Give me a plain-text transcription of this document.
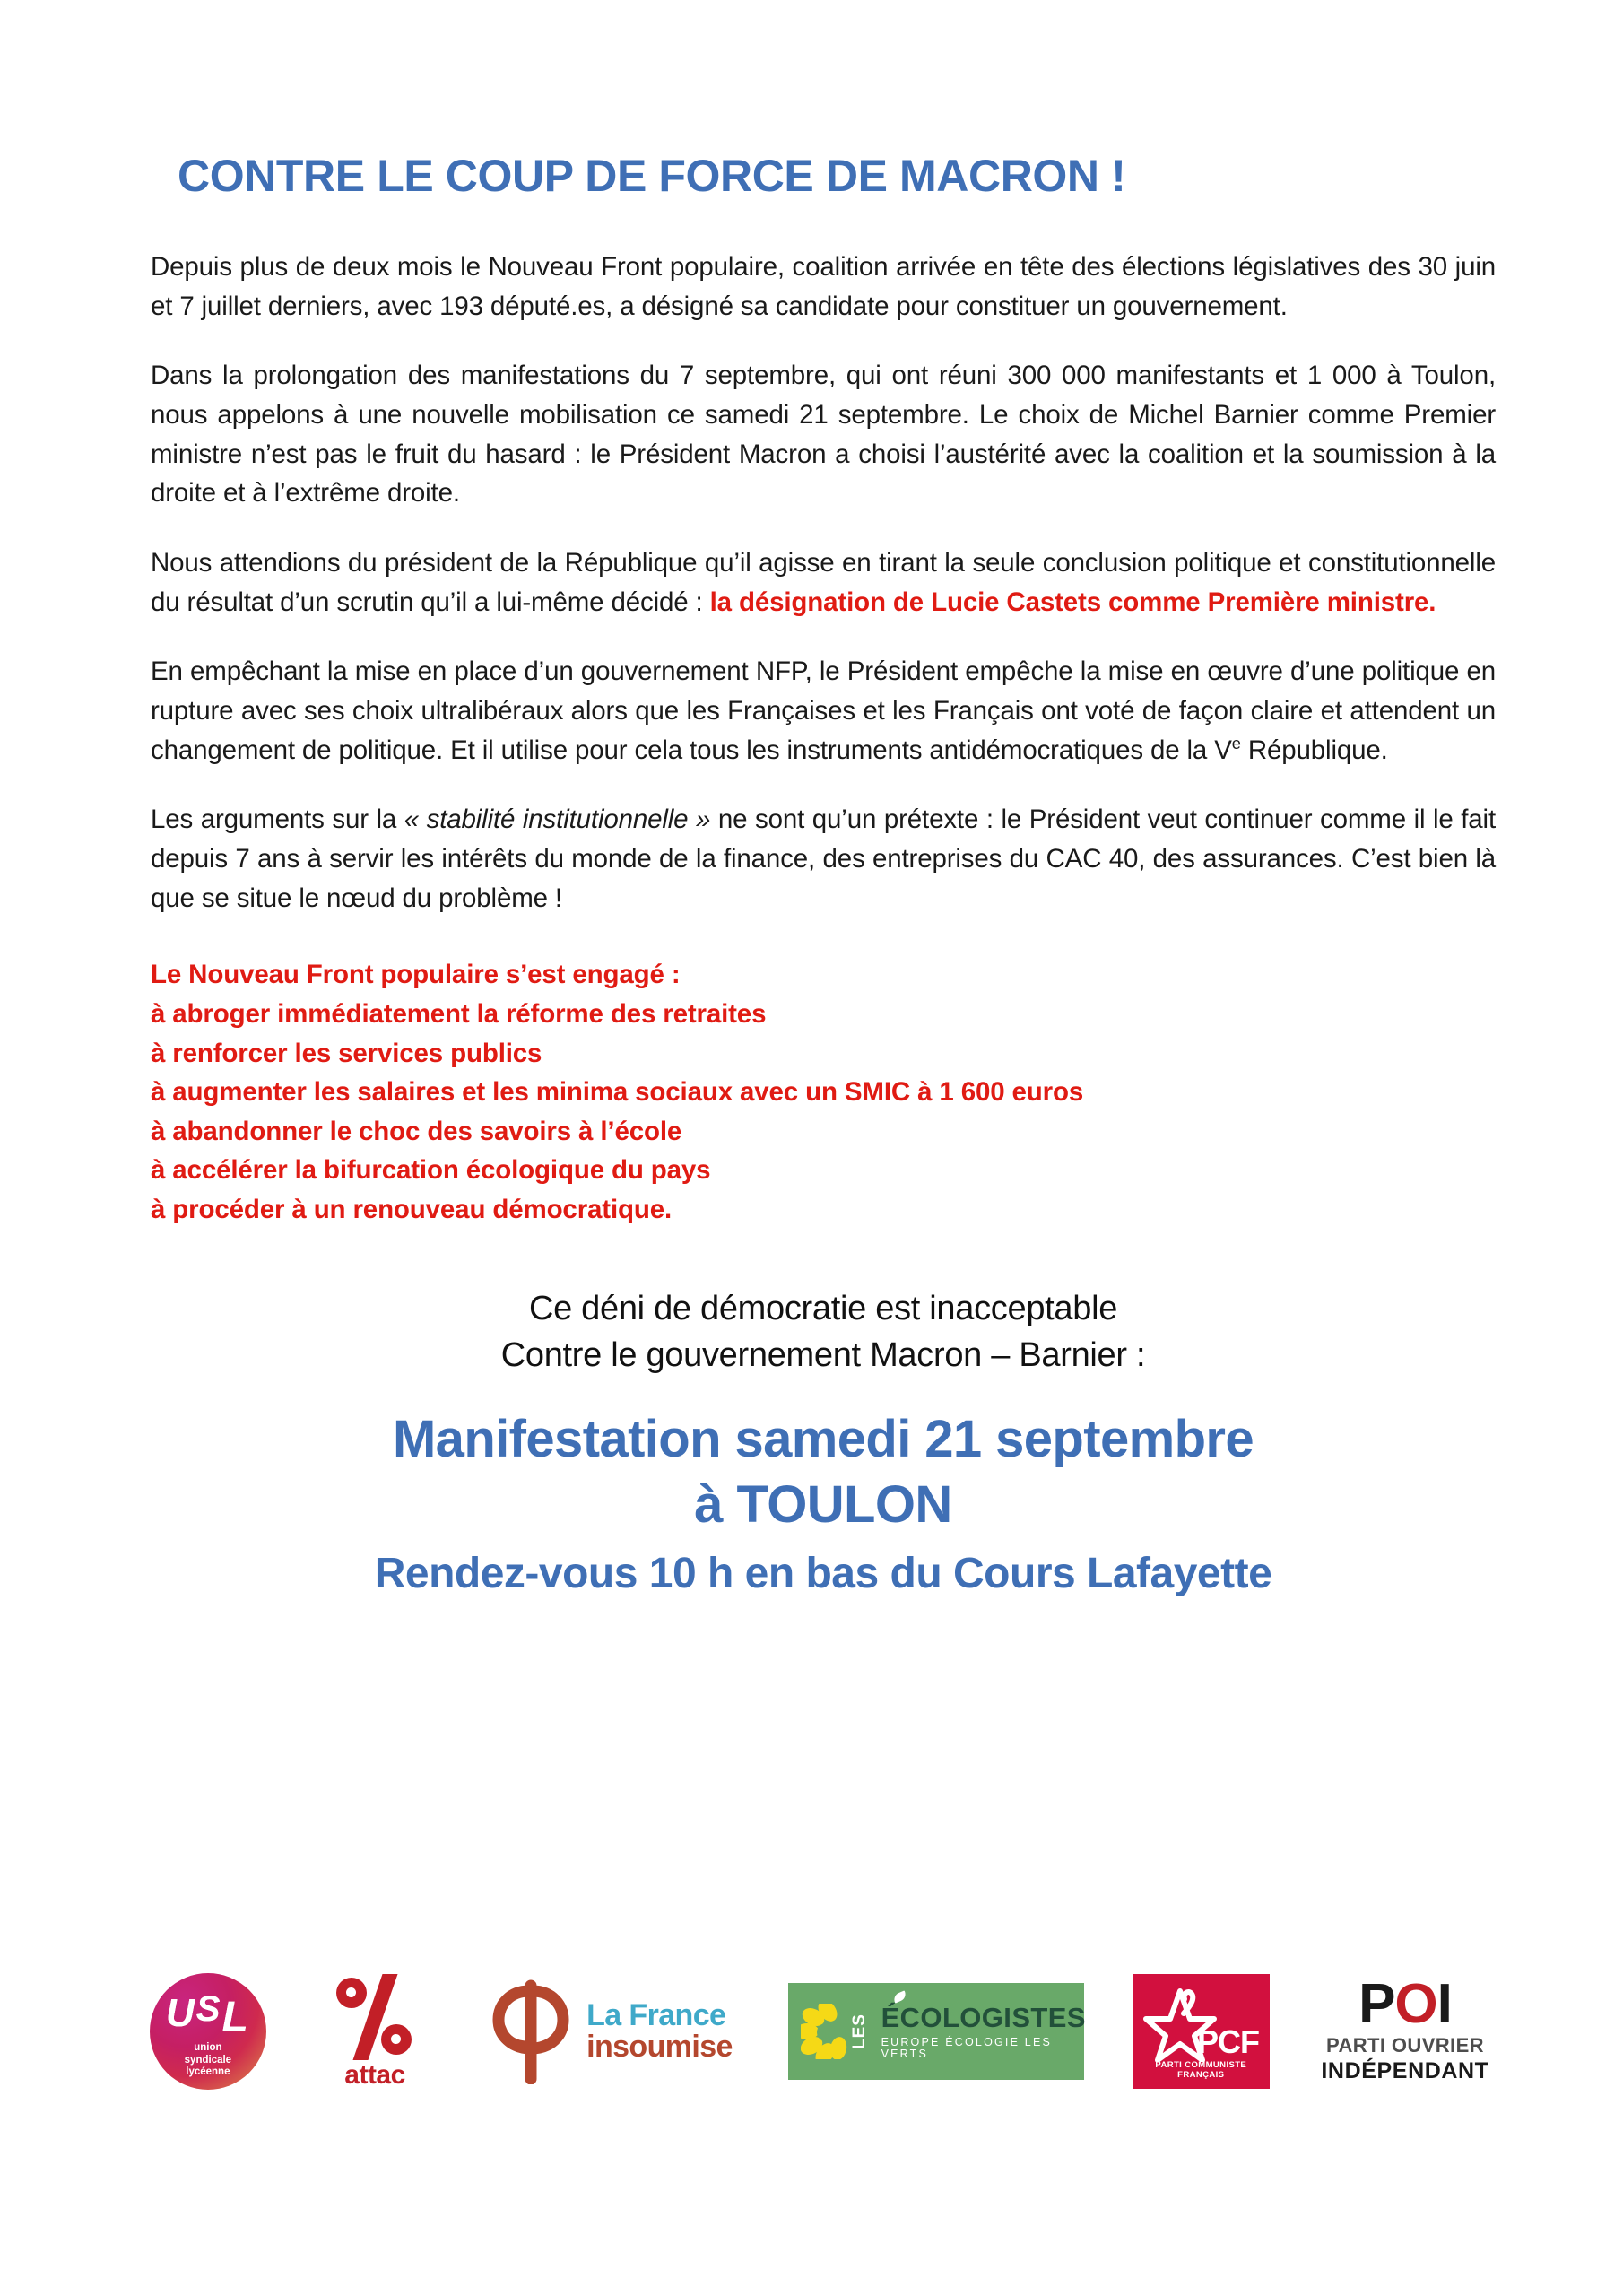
CONTRE LE COUP DE FORCE DE MACRON !

Depuis plus de deux mois le Nouveau Front populaire, coalition arrivée en tête des élections législatives des 30 juin et 7 juillet derniers, avec 193 député.es, a désigné sa candidate pour constituer un gouvernement.

Dans la prolongation des manifestations du 7 septembre, qui ont réuni 300 000 manifestants et 1 000 à Toulon, nous appelons à une nouvelle mobilisation ce samedi 21 septembre. Le choix de Michel Barnier comme Premier ministre n’est pas le fruit du hasard : le Président Macron a choisi l’austérité avec la coalition et la soumission à la droite et à l’extrême droite.

Nous attendions du président de la République qu’il agisse en tirant la seule conclusion politique et constitutionnelle du résultat d’un scrutin qu’il a lui-même décidé : la désignation de Lucie Castets comme Première ministre.

En empêchant la mise en place d’un gouvernement NFP, le Président empêche la mise en œuvre d’une politique en rupture avec ses choix ultralibéraux alors que les Françaises et les Français ont voté de façon claire et attendent un changement de politique. Et il utilise pour cela tous les instruments antidémocratiques de la Ve République.

Les arguments sur la « stabilité institutionnelle » ne sont qu’un prétexte : le Président veut continuer comme il le fait depuis 7 ans à servir les intérêts du monde de la finance, des entreprises du CAC 40, des assurances. C’est bien là que se situe le nœud du problème !

Le Nouveau Front populaire s’est engagé :
à abroger immédiatement la réforme des retraites
à renforcer les services publics
à augmenter les salaires et les minima sociaux avec un SMIC à 1 600 euros
à abandonner le choc des savoirs à l’école
à accélérer la bifurcation écologique du pays
à procéder à un renouveau démocratique.
Ce déni de démocratie est inacceptable
Contre le gouvernement Macron – Barnier :
Manifestation samedi 21 septembre
à TOULON
Rendez-vous 10 h en bas du Cours Lafayette
USL
union
syndicale
lycéenne	attac
La France
insoumise	LES ÉCOLOGISTES
EUROPE ÉCOLOGIE LES VERTS	PCF
PARTI COMMUNISTE FRANÇAIS
POI
PARTI OUVRIER
INDÉPENDANT
